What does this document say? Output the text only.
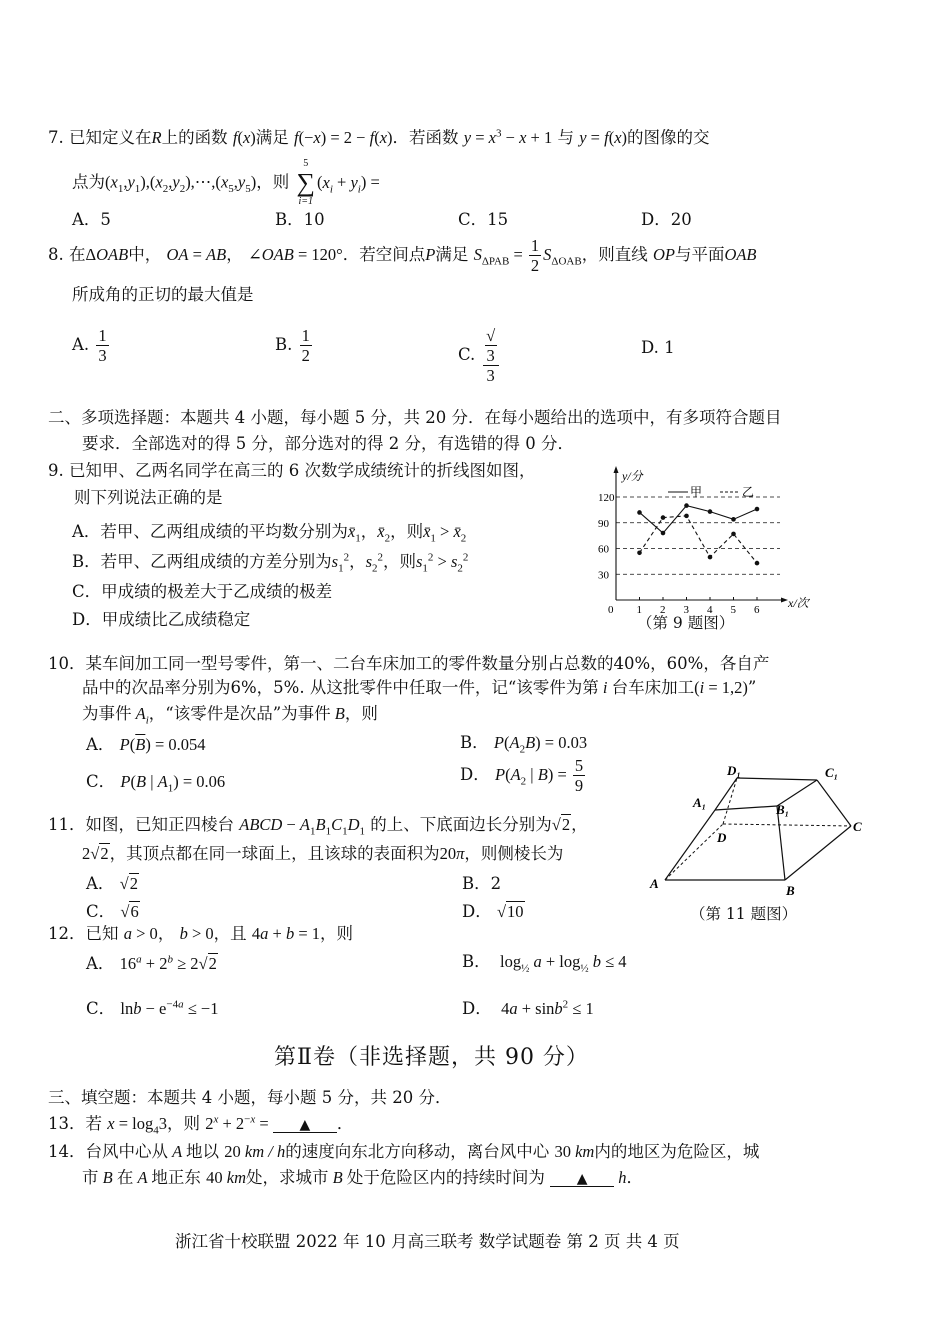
7. 已知定义在R上的函数 f(x)满足 f(−x) = 2 − f(x)．若函数 $y = x^3 - x + 1$ 与 y = f(x)的图像的交
点为$(x_1,y_1),(x_2,y_2),\cdots,(x_5,y_5)$，则
5
∑
i=1
$(x_i + y_i)$ =
A．5	B．10	C．15	D．20
8. 在ΔOAB中， OA = AB， ∠OAB = 120°．若空间点P满足 $S_{\Delta PAB} = \frac{1}{2} S_{\Delta OAB}$，则直线 OP与平面OAB
所成角的正切的最大值是
A. $\frac{1}{3}$	B. $\frac{1}{2}$	C. √
3
3	D. 1
二、多项选择题：本题共 4 小题，每小题 5 分，共 20 分．在每小题给出的选项中，有多项符合题目
要求．全部选对的得 5 分，部分选对的得 2 分，有选错的得 0 分．
9. 已知甲、乙两名同学在高三的 6 次数学成绩统计的折线图如图，
则下列说法正确的是
A．若甲、乙两组成绩的平均数分别为$x̄_1$，$x̄_2$，则$x̄_1$ > $x̄_2$
B．若甲、乙两组成绩的方差分别为$s_1^2$，$s_2^2$，则$s_1^2 > s_2^2$
C．甲成绩的极差大于乙成绩的极差
D．甲成绩比乙成绩稳定
30
60
90
120
1 2 3 4 5 6
y/分
x/次
0
甲	乙
（第 9 题图）
10．某车间加工同一型号零件，第一、二台车床加工的零件数量分别占总数的40%，60%，各自产
品中的次品率分别为6%，5%. 从这批零件中任取一件，记“该零件为第 i 台车床加工(i = 1,2)”
为事件 $A_i$，“该零件是次品”为事件 B，则
A． $P(\overline{B}) = 0.054$	B． $P(A_2B) = 0.03$
C． P(B | $A_1) = 0.06$	D． $P(A_2$ | $B) = \frac{5}{9}$	D₁	C₁
A₁	B₁
D
C
A	B
（第 11 题图）
11．如图，已知正四棱台 ABCD − $A_1B_1C_1D_1$ 的上、下底面边长分别为√2，
2√2，其顶点都在同一球面上，且该球的表面积为20π，则侧棱长为
A． √2	B．2
C． √6	D． √10
12．已知 a > 0， b > 0，且 4a + b = 1，则
A． $16^a + 2^b \ge 2√2$	B．  $\log_{\frac{1}{2}} a + \log_{\frac{1}{2}} b \le 4$
C． $\ln b - e^{-4a} \le -1$	D．  4a + sinb$^2$ ≤ 1
第Ⅱ卷（非选择题，共 90 分）
三、填空题：本题共 4 小题，每小题 5 分，共 20 分．
13．若 $x = \log_43$，则 $2^x + 2^{-x}$ = ▲ ．
14．台风中心从 A 地以 20 km / h的速度向东北方向移动，离台风中心 30 km内的地区为危险区，城
市 B 在 A 地正东 40 km处，求城市 B 处于危险区内的持续时间为 ▲ h．
浙江省十校联盟 2022 年 10 月高三联考 数学试题卷 第 2 页 共 4 页
